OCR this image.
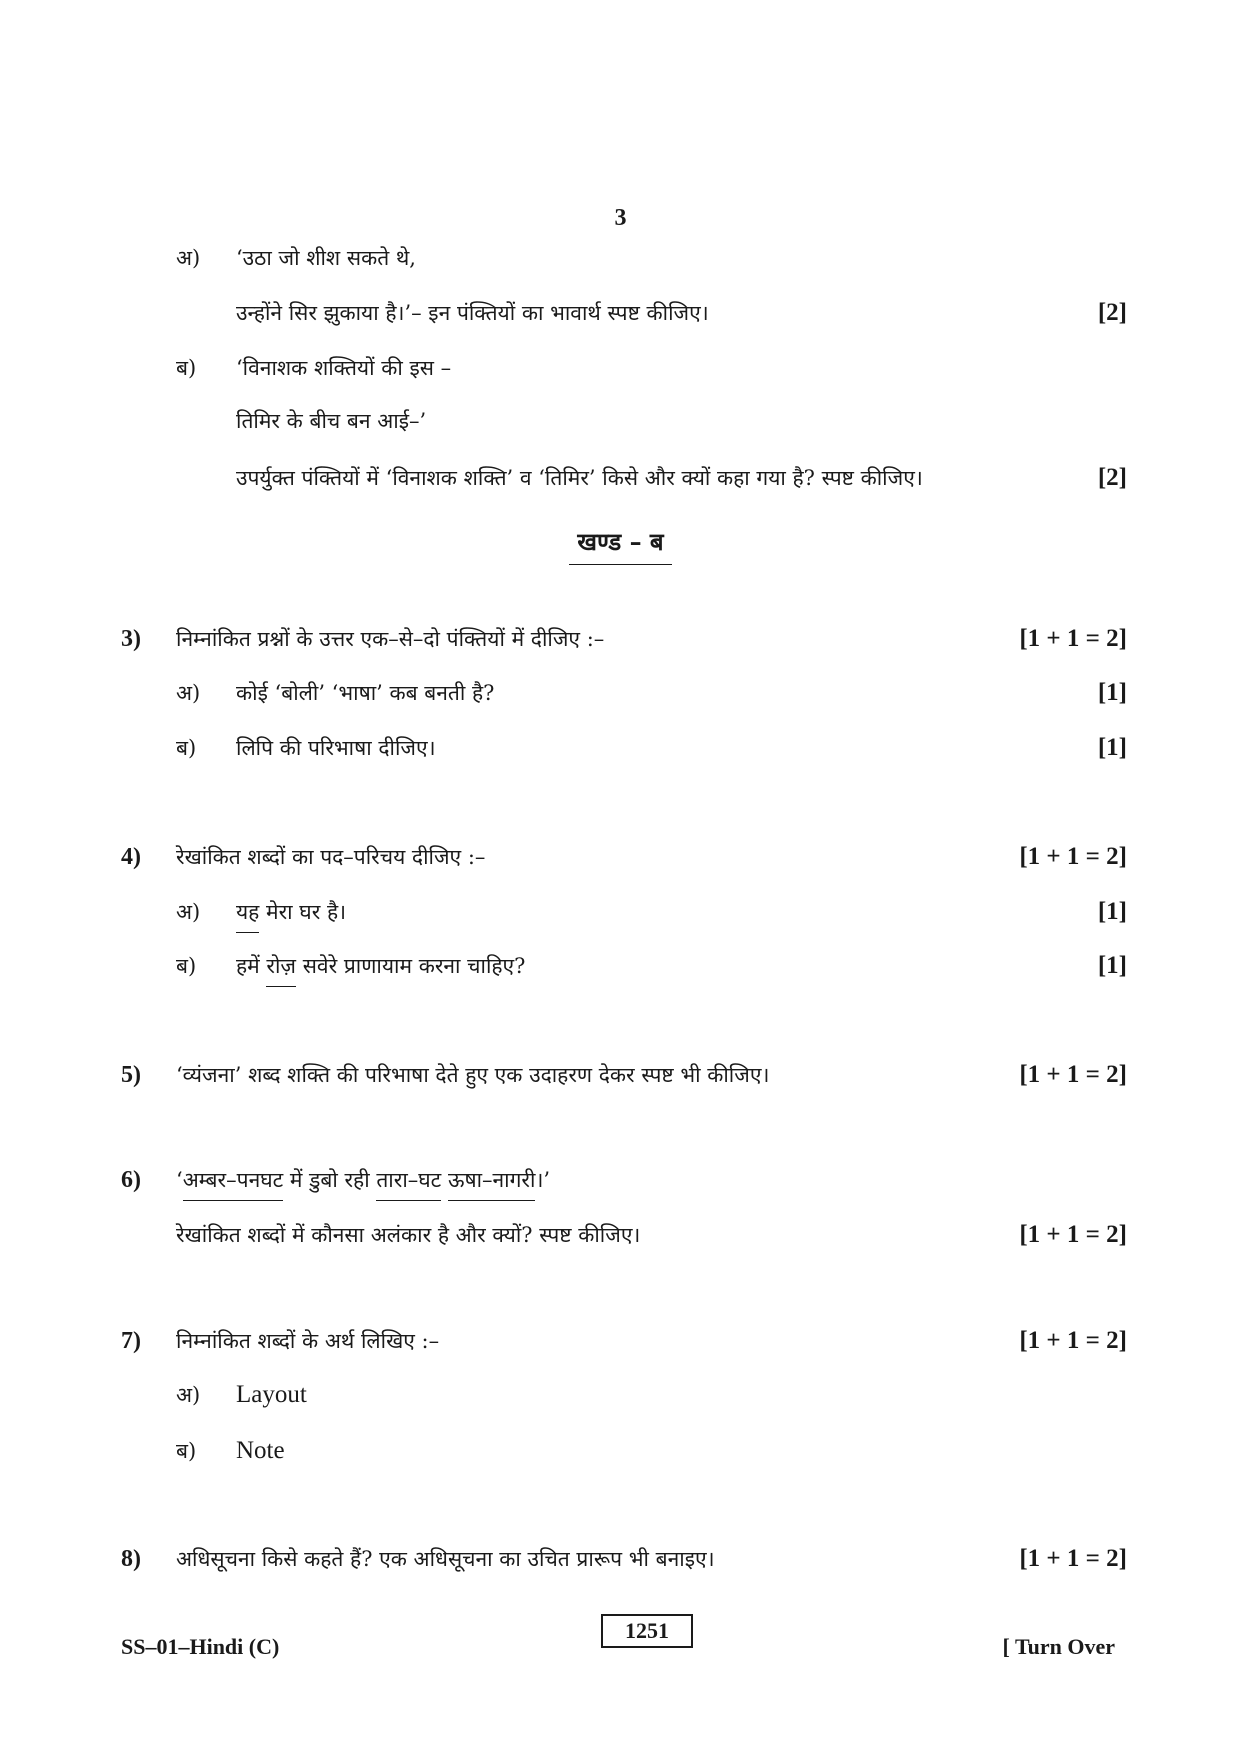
3
अ) ‘उठा जो शीश सकते थे,
उन्होंने सिर झुकाया है।’– इन पंक्तियों का भावार्थ स्पष्ट कीजिए।	[2]
ब) ‘विनाशक शक्तियों की इस –
तिमिर के बीच बन आई–’
उपर्युक्त पंक्तियों में ‘विनाशक शक्ति’ व ‘तिमिर’ किसे और क्यों कहा गया है? स्पष्ट कीजिए।	[2]
खण्ड – ब
3) निम्नांकित प्रश्नों के उत्तर एक–से–दो पंक्तियों में दीजिए :–	[1 + 1 = 2]
अ) कोई ‘बोली’ ‘भाषा’ कब बनती है?	[1]
ब) लिपि की परिभाषा दीजिए।	[1]
4) रेखांकित शब्दों का पद–परिचय दीजिए :–	[1 + 1 = 2]
अ) यह मेरा घर है।	[1]
ब) हमें रोज़ सवेरे प्राणायाम करना चाहिए?	[1]
5) ‘व्यंजना’ शब्द शक्ति की परिभाषा देते हुए एक उदाहरण देकर स्पष्ट भी कीजिए।	[1 + 1 = 2]
6) ‘अम्बर–पनघट में डुबो रही तारा–घट ऊषा–नागरी।’
रेखांकित शब्दों में कौनसा अलंकार है और क्यों? स्पष्ट कीजिए।	[1 + 1 = 2]
7) निम्नांकित शब्दों के अर्थ लिखिए :–	[1 + 1 = 2]
अ) Layout
ब) Note
8) अधिसूचना किसे कहते हैं? एक अधिसूचना का उचित प्रारूप भी बनाइए।	[1 + 1 = 2]
SS–01–Hindi (C)
1251
[ Turn Over
